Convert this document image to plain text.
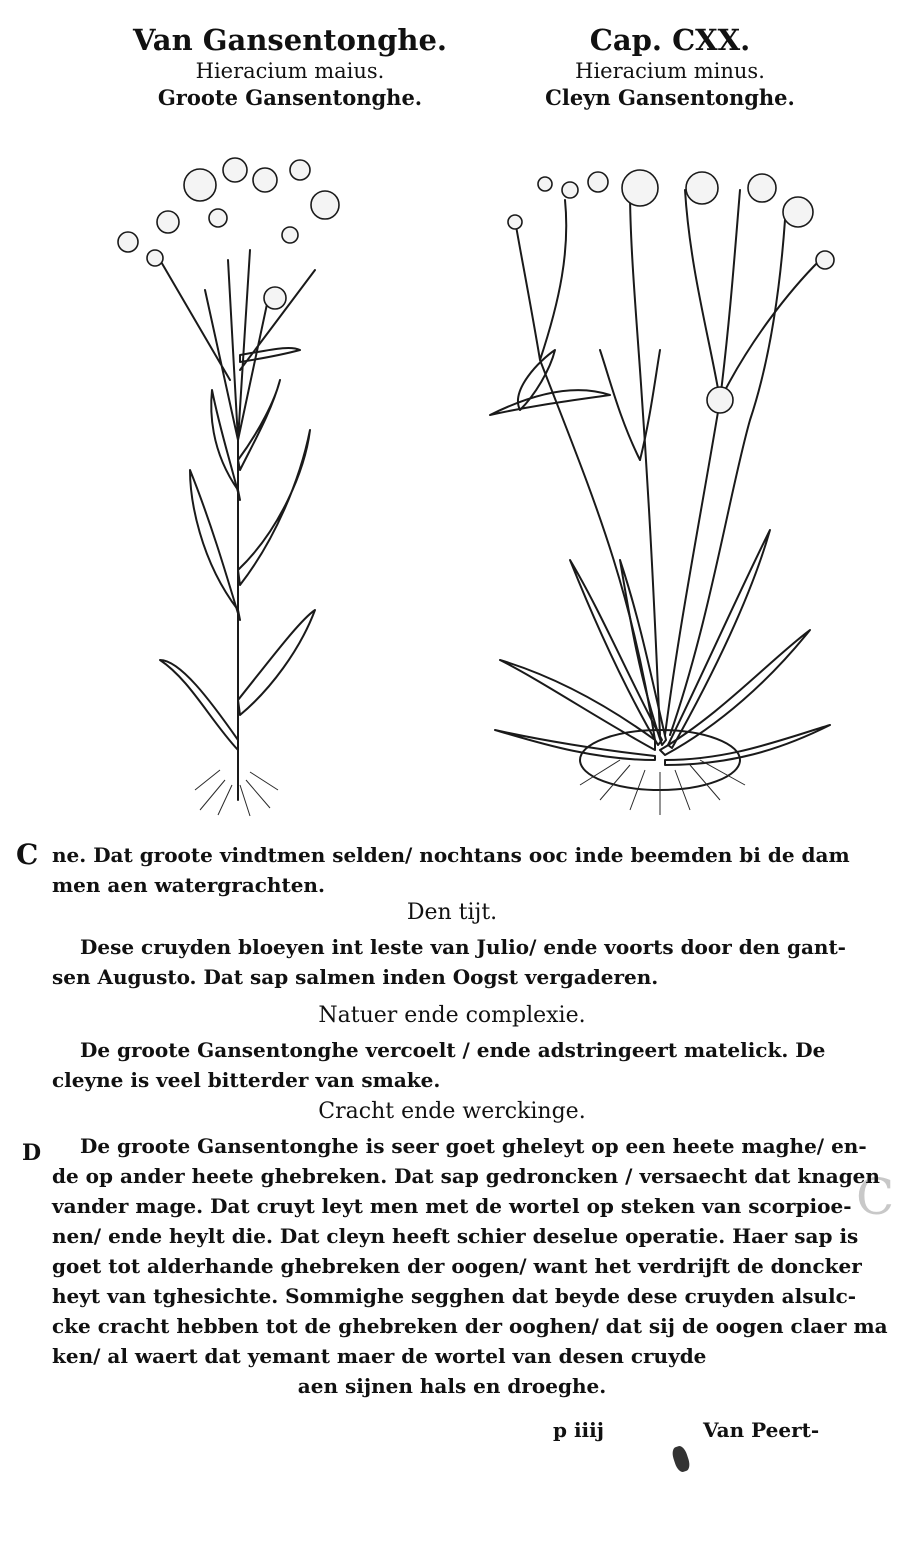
Van Gansentonghe.
Hieracium maius.
Groote Gansentonghe.
Cap. CXX.
Hieracium minus.
Cleyn Gansentonghe.
C
D
C
ne. Dat groote vindtmen selden/ nochtans ooc inde beemden bi de dam
men aen watergrachten.
Den tijt.
Dese cruyden bloeyen int leste van Julio/ ende voorts door den gant-
sen Augusto. Dat sap salmen inden Oogst vergaderen.
Natuer ende complexie.
De groote Gansentonghe vercoelt / ende adstringeert matelick. De
cleyne is veel bitterder van smake.
Cracht ende werckinge.
De groote Gansentonghe is seer goet gheleyt op een heete maghe/ en-
de op ander heete ghebreken. Dat sap gedroncken / versaecht dat knagen
vander mage. Dat cruyt leyt men met de wortel op steken van scorpioe-
nen/ ende heylt die. Dat cleyn heeft schier deselue operatie. Haer sap is
goet tot alderhande ghebreken der oogen/ want het verdrijft de doncker
heyt van tghesichte. Sommighe segghen dat beyde dese cruyden alsulc-
cke cracht hebben tot de ghebreken der ooghen/ dat sij de oogen claer ma
ken/ al waert dat yemant maer de wortel van desen cruyde
aen sijnen hals en droeghe.
p iiij	Van Peert-
